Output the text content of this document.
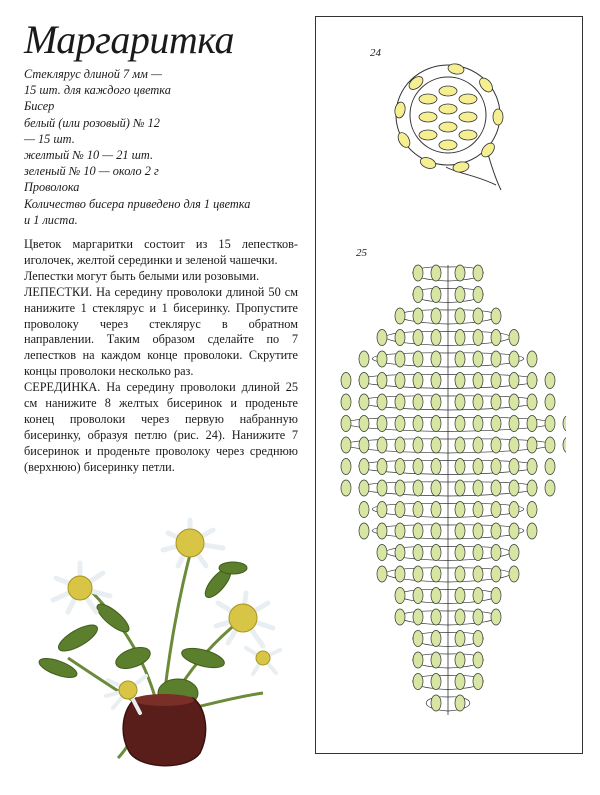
Маргаритка
Стеклярус длиной 7 мм —
15 шт. для каждого цветка
Бисер
белый (или розовый) № 12
— 15 шт.
желтый № 10 — 21 шт.
зеленый № 10 — около 2 г
Проволока
Количество бисера приведено для 1 цветка
и 1 листа.

Цветок маргаритки состоит из 15 лепестков-иголочек, желтой серединки и зеленой чашечки.

Лепестки могут быть белыми или розовыми.

ЛЕПЕСТКИ. На середину проволоки длиной 50 см нанижите 1 стеклярус и 1 бисеринку. Пропустите проволоку через стеклярус в обратном направлении. Таким образом сделайте по 7 лепестков на каждом конце проволоки. Скрутите концы проволоки несколько раз.

СЕРЕДИНКА. На середину проволоки длиной 25 см нанижите 8 желтых бисеринок и проденьте конец проволоки через первую набранную бисеринку, образуя петлю (рис. 24). Нанижите 7 бисеринок и проденьте проволоку через среднюю (верхнюю) бисеринку петли.

24
25
